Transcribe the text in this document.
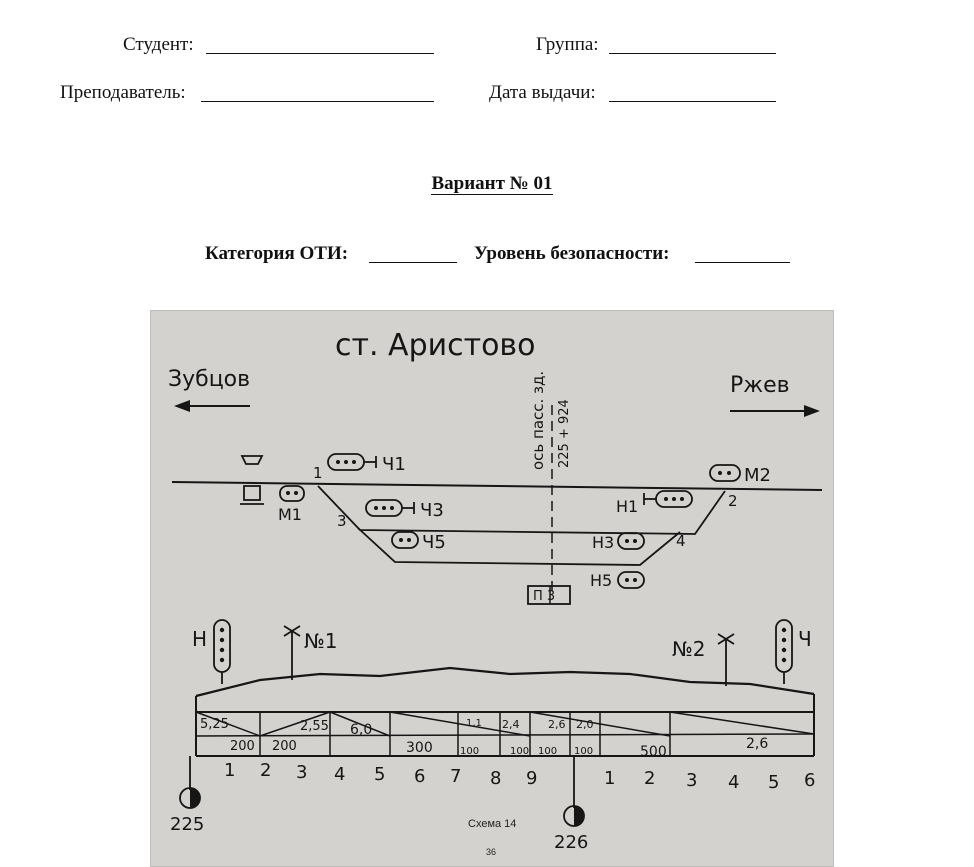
Студент:	Группа:
Преподаватель:	Дата выдачи:
Вариант № 01
Категория ОТИ:	Уровень безопасности:
ст. Аристово
Зубцов	Ржев
ось пасс. зд. 225 + 924
1
2
3
4
Ч1
Ч3
Ч5
М1
М2
Н1
Н3
Н5
П 3
Н	Ч
№1	№2
5,25	2,55 6,0	1,1 2,4	2,6 2,0
2,6
200 200	300	100	100 100 100	500
1 2 3 4 5 6 7 8 9	1 2 3 4 5 6
225
226
Схема 14
36
